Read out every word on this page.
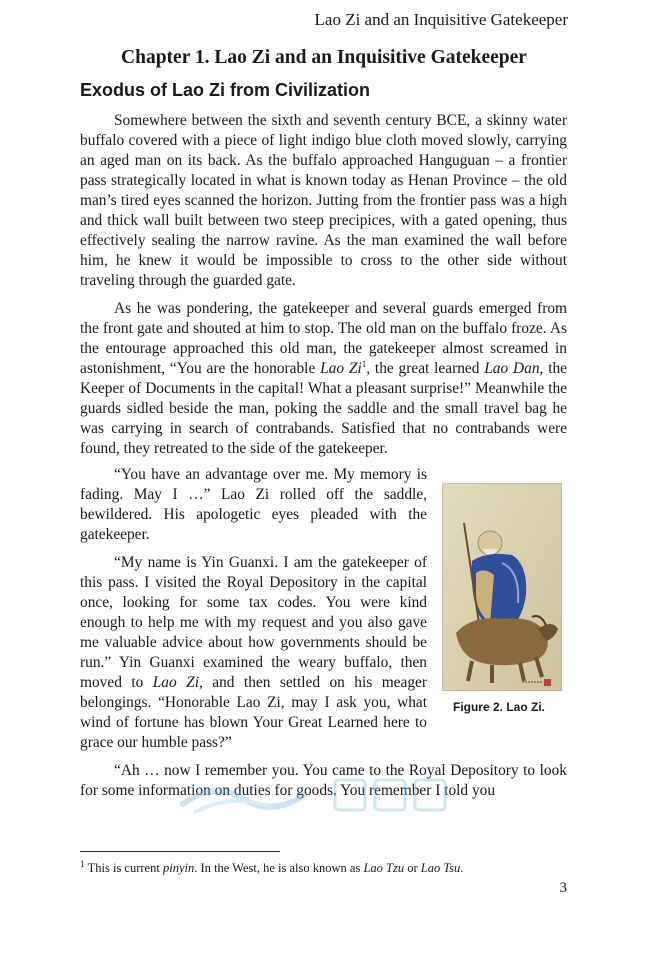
Lao Zi and an Inquisitive Gatekeeper
Chapter 1. Lao Zi and an Inquisitive Gatekeeper
Exodus of Lao Zi from Civilization

Somewhere between the sixth and seventh century BCE, a skinny water buffalo covered with a piece of light indigo blue cloth moved slowly, carrying an aged man on its back. As the buffalo approached Hanguguan – a frontier pass strategically located in what is known today as Henan Province – the old man’s tired eyes scanned the horizon. Jutting from the frontier pass was a high and thick wall built between two steep precipices, with a gated opening, thus effectively sealing the narrow ravine. As the man examined the wall before him, he knew it would be impossible to cross to the other side without traveling through the guarded gate.

As he was pondering, the gatekeeper and several guards emerged from the front gate and shouted at him to stop. The old man on the buffalo froze. As the entourage approached this old man, the gatekeeper almost screamed in astonishment, “You are the honorable Lao Zi$^1$, the great learned Lao Dan, the Keeper of Documents in the capital! What a pleasant surprise!” Meanwhile the guards sidled beside the man, poking the saddle and the small travel bag he was carrying in search of contrabands. Satisfied that no contrabands were found, they retreated to the side of the gatekeeper.

Figure 2. Lao Zi.

“You have an advantage over me. My memory is fading. May I …” Lao Zi rolled off the saddle, bewildered. His apologetic eyes pleaded with the gatekeeper.

“My name is Yin Guanxi. I am the gatekeeper of this pass. I visited the Royal Depository in the capital once, looking for some tax codes. You were kind enough to help me with my request and you also gave me valuable advice about how governments should be run.” Yin Guanxi examined the weary buffalo, then moved to Lao Zi, and then settled on his meager belongings. “Honorable Lao Zi, may I ask you, what wind of fortune has blown Your Great Learned here to grace our humble pass?”

“Ah … now I remember you. You came to the Royal Depository to look for some information on duties for goods. You remember I told you

$^1$ This is current pinyin. In the West, he is also known as Lao Tzu or Lao Tsu.
3
